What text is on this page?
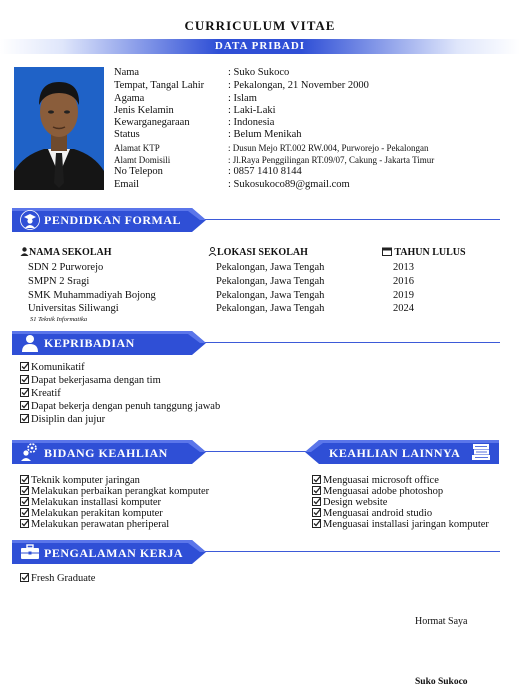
CURRICULUM VITAE
DATA PRIBADI
Nama	: Suko Sukoco
Tempat, Tangal Lahir : Pekalongan, 21 November 2000
Agama	: Islam
Jenis Kelamin	: Laki-Laki
Kewarganegaraan	: Indonesia
Status	: Belum Menikah
Alamat KTP	: Dusun Mejo RT.002 RW.004, Purworejo - Pekalongan
Alamt Domisili	: Jl.Raya Penggilingan RT.09/07, Cakung - Jakarta Timur
No Telepon	: 0857 1410 8144
Email	: Sukosukoco89@gmail.com
PENDIDKAN FORMAL
NAMA SEKOLAH	LOKASI SEKOLAH	TAHUN LULUS
SDN 2 Purworejo	Pekalongan, Jawa Tengah	2013
SMPN 2 Sragi	Pekalongan, Jawa Tengah	2016
SMK Muhammadiyah Bojong	Pekalongan, Jawa Tengah	2019
Universitas Siliwangi	Pekalongan, Jawa Tengah	2024
S1 Teknik Informatika
KEPRIBADIAN
Komunikatif
Dapat bekerjasama dengan tim
Kreatif
Dapat bekerja dengan penuh tanggung jawab
Disiplin dan jujur
BIDANG KEAHLIAN	KEAHLIAN LAINNYA
Teknik komputer jaringan
Melakukan perbaikan perangkat komputer
Melakukan installasi komputer
Melakukan perakitan komputer
Melakukan perawatan pheriperal
Menguasai microsoft office
Menguasai adobe photoshop
Design website
Menguasai android studio
Menguasai installasi jaringan komputer
PENGALAMAN KERJA
Fresh Graduate
Hormat Saya
Suko Sukoco
